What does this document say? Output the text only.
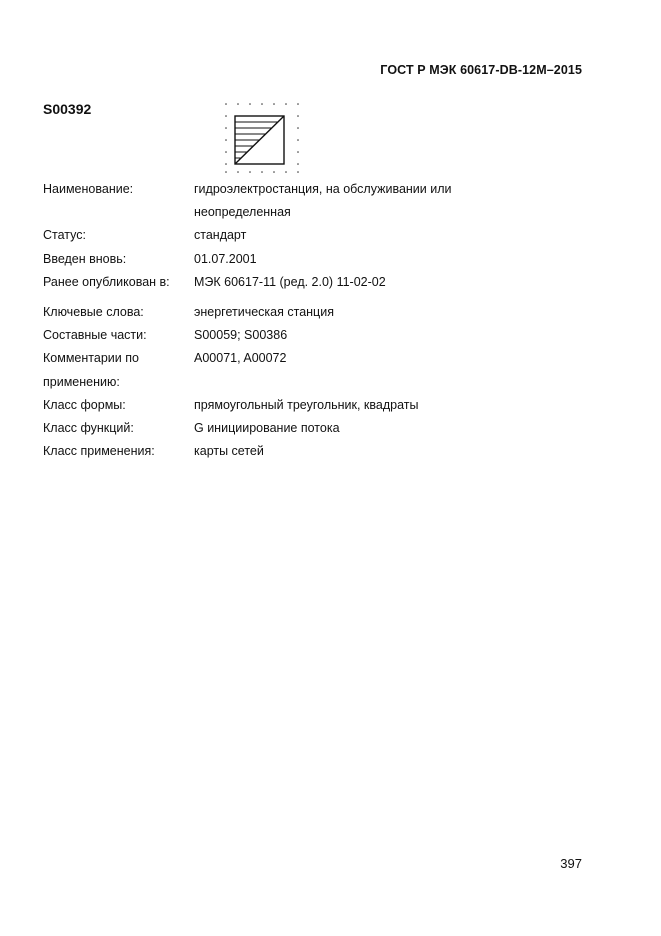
ГОСТ Р МЭК 60617-DB-12M–2015
S00392
Наименование:	гидроэлектростанция, на обслуживании или
неопределенная
Статус:	стандарт
Введен вновь:	01.07.2001
Ранее опубликован в:	МЭК 60617-11 (ред. 2.0) 11-02-02
Ключевые слова:	энергетическая станция
Составные части:	S00059; S00386
Комментарии по	A00071, A00072
применению:
Класс формы:	прямоугольный треугольник, квадраты
Класс функций:	G инициирование потока
Класс применения:	карты сетей
397
